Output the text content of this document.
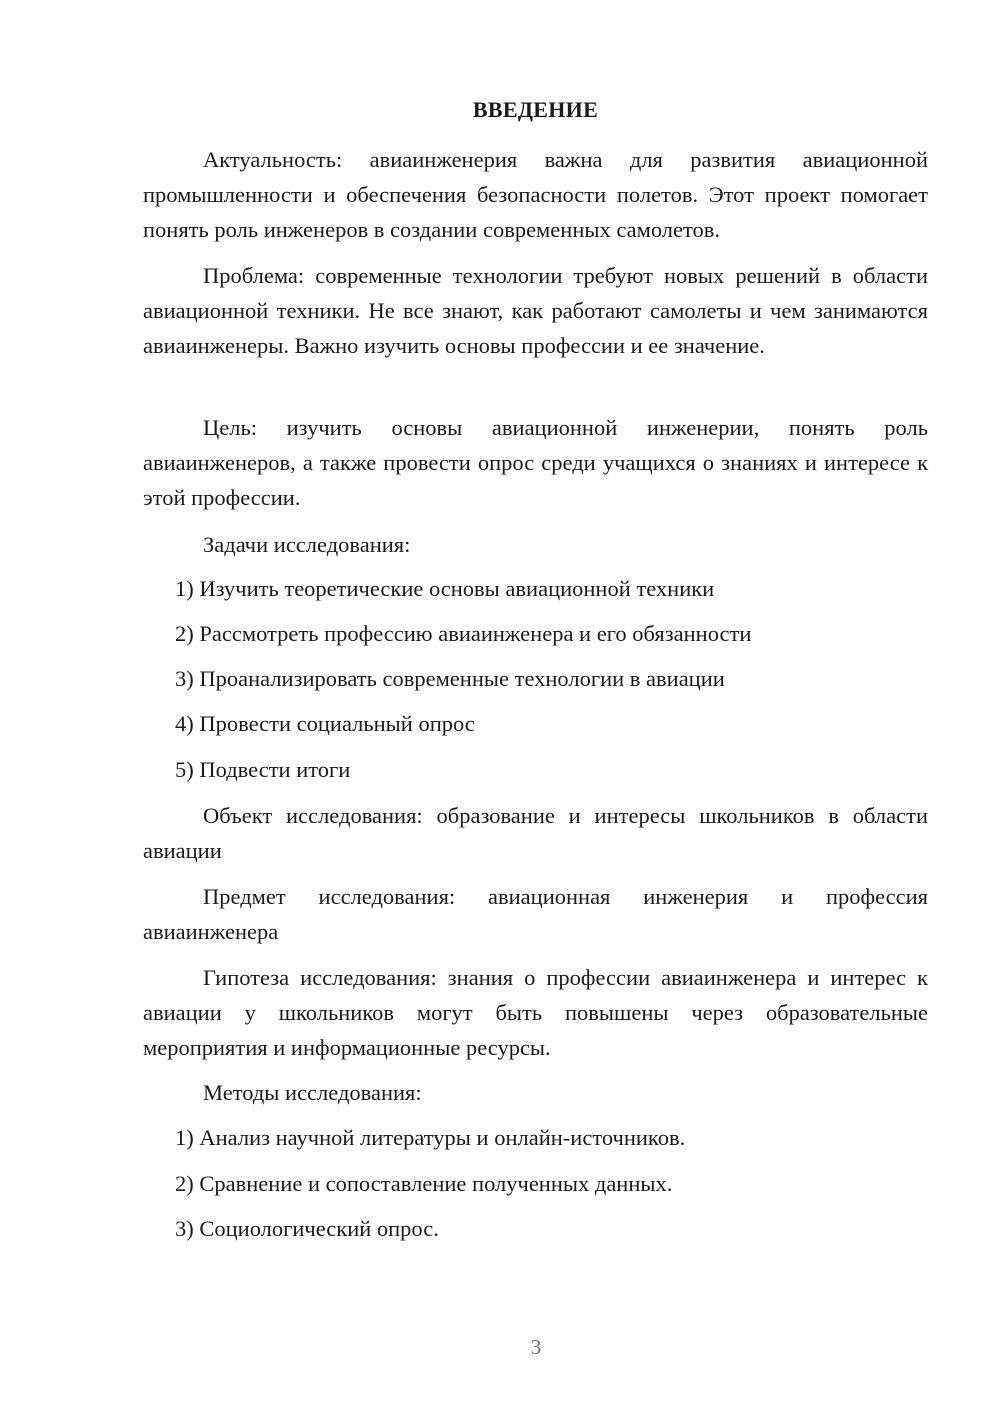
ВВЕДЕНИЕ

Актуальность: авиаинженерия важна для развития авиационной промышленности и обеспечения безопасности полетов. Этот проект помогает понять роль инженеров в создании современных самолетов.

Проблема: современные технологии требуют новых решений в области авиационной техники. Не все знают, как работают самолеты и чем занимаются авиаинженеры. Важно изучить основы профессии и ее значение.

Цель: изучить основы авиационной инженерии, понять роль авиаинженеров, а также провести опрос среди учащихся о знаниях и интересе к этой профессии.

Задачи исследования:

1) Изучить теоретические основы авиационной техники

2) Рассмотреть профессию авиаинженера и его обязанности

3) Проанализировать современные технологии в авиации

4) Провести социальный опрос

5) Подвести итоги

Объект исследования: образование и интересы школьников в области авиации

Предмет исследования: авиационная инженерия и профессия авиаинженера

Гипотеза исследования: знания о профессии авиаинженера и интерес к авиации у школьников могут быть повышены через образовательные мероприятия и информационные ресурсы.

Методы исследования:

1) Анализ научной литературы и онлайн-источников.

2) Сравнение и сопоставление полученных данных.

3) Социологический опрос.

3
